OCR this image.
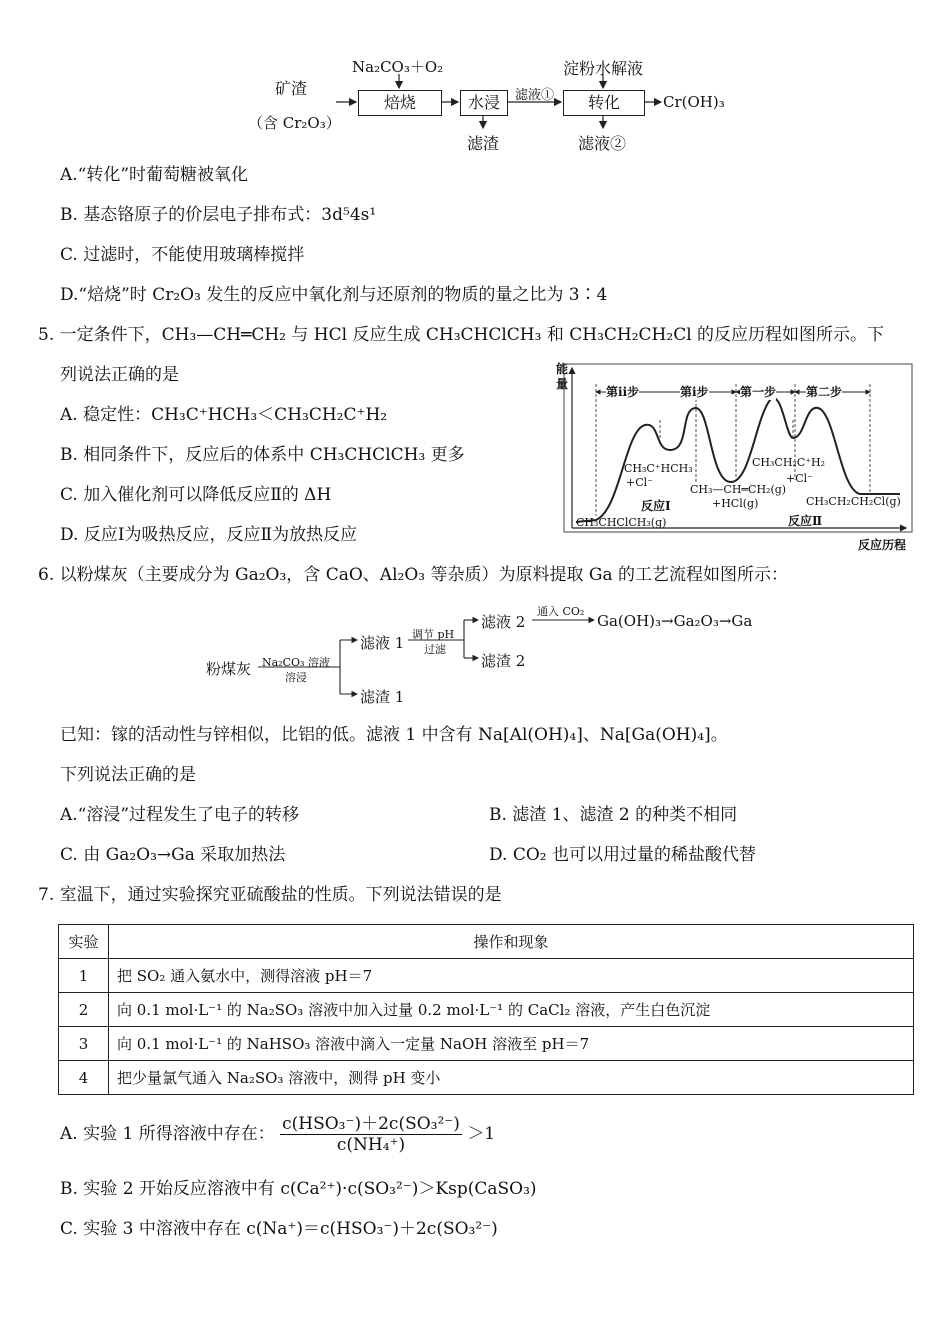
矿渣
（含 Cr₂O₃）
Na₂CO₃＋O₂
焙烧	水浸	滤液①
滤渣
淀粉水解液
转化	Cr(OH)₃
滤液②
A.“转化”时葡萄糖被氧化
B. 基态铬原子的价层电子排布式：3d⁵4s¹
C. 过滤时，不能使用玻璃棒搅拌
D.“焙烧”时 Cr₂O₃ 发生的反应中氧化剂与还原剂的物质的量之比为 3∶4
5. 一定条件下，CH₃—CH═CH₂ 与 HCl 反应生成 CH₃CHClCH₃ 和 CH₃CH₂CH₂Cl 的反应历程如图所示。下
列说法正确的是
A. 稳定性：CH₃C⁺HCH₃＜CH₃CH₂C⁺H₂
B. 相同条件下，反应后的体系中 CH₃CHClCH₃ 更多
C. 加入催化剂可以降低反应Ⅱ的 ΔH
D. 反应Ⅰ为吸热反应，反应Ⅱ为放热反应
能
量
反应历程
第ⅱ步	第ⅰ步	第一步 第二步
CH₃C⁺HCH₃
+Cl⁻
CH₃CH₂C⁺H₂
+Cl⁻
CH₃—CH═CH₂(g)
+HCl(g)
反应Ⅰ
CH₃CHClCH₃(g)
CH₃CH₂CH₂Cl(g)
反应Ⅱ
6. 以粉煤灰（主要成分为 Ga₂O₃，含 CaO、Al₂O₃ 等杂质）为原料提取 Ga 的工艺流程如图所示：
粉煤灰 Na₂CO₃ 溶液
溶浸
滤液 1
滤渣 1
调节 pH
过滤
滤液 2
滤渣 2
通入 CO₂
Ga(OH)₃→Ga₂O₃→Ga
已知：镓的活动性与锌相似，比铝的低。滤液 1 中含有 Na[Al(OH)₄]、Na[Ga(OH)₄]。
下列说法正确的是
A.“溶浸”过程发生了电子的转移	B. 滤渣 1、滤渣 2 的种类不相同
C. 由 Ga₂O₃→Ga 采取加热法	D. CO₂ 也可以用过量的稀盐酸代替
7. 室温下，通过实验探究亚硫酸盐的性质。下列说法错误的是
实验	操作和现象
1	把 SO₂ 通入氨水中，测得溶液 pH＝7
2	向 0.1 mol·L⁻¹ 的 Na₂SO₃ 溶液中加入过量 0.2 mol·L⁻¹ 的 CaCl₂ 溶液，产生白色沉淀
3	向 0.1 mol·L⁻¹ 的 NaHSO₃ 溶液中滴入一定量 NaOH 溶液至 pH＝7
4	把少量氯气通入 Na₂SO₃ 溶液中，测得 pH 变小
A. 实验 1 所得溶液中存在： $\frac{\text{c(HSO₃⁻)＋2c(SO₃²⁻)}}{\text{c(NH₄⁺)}} >1$
B. 实验 2 开始反应溶液中有 c(Ca²⁺)·c(SO₃²⁻)＞Ksp(CaSO₃)
C. 实验 3 中溶液中存在 c(Na⁺)＝c(HSO₃⁻)＋2c(SO₃²⁻)
